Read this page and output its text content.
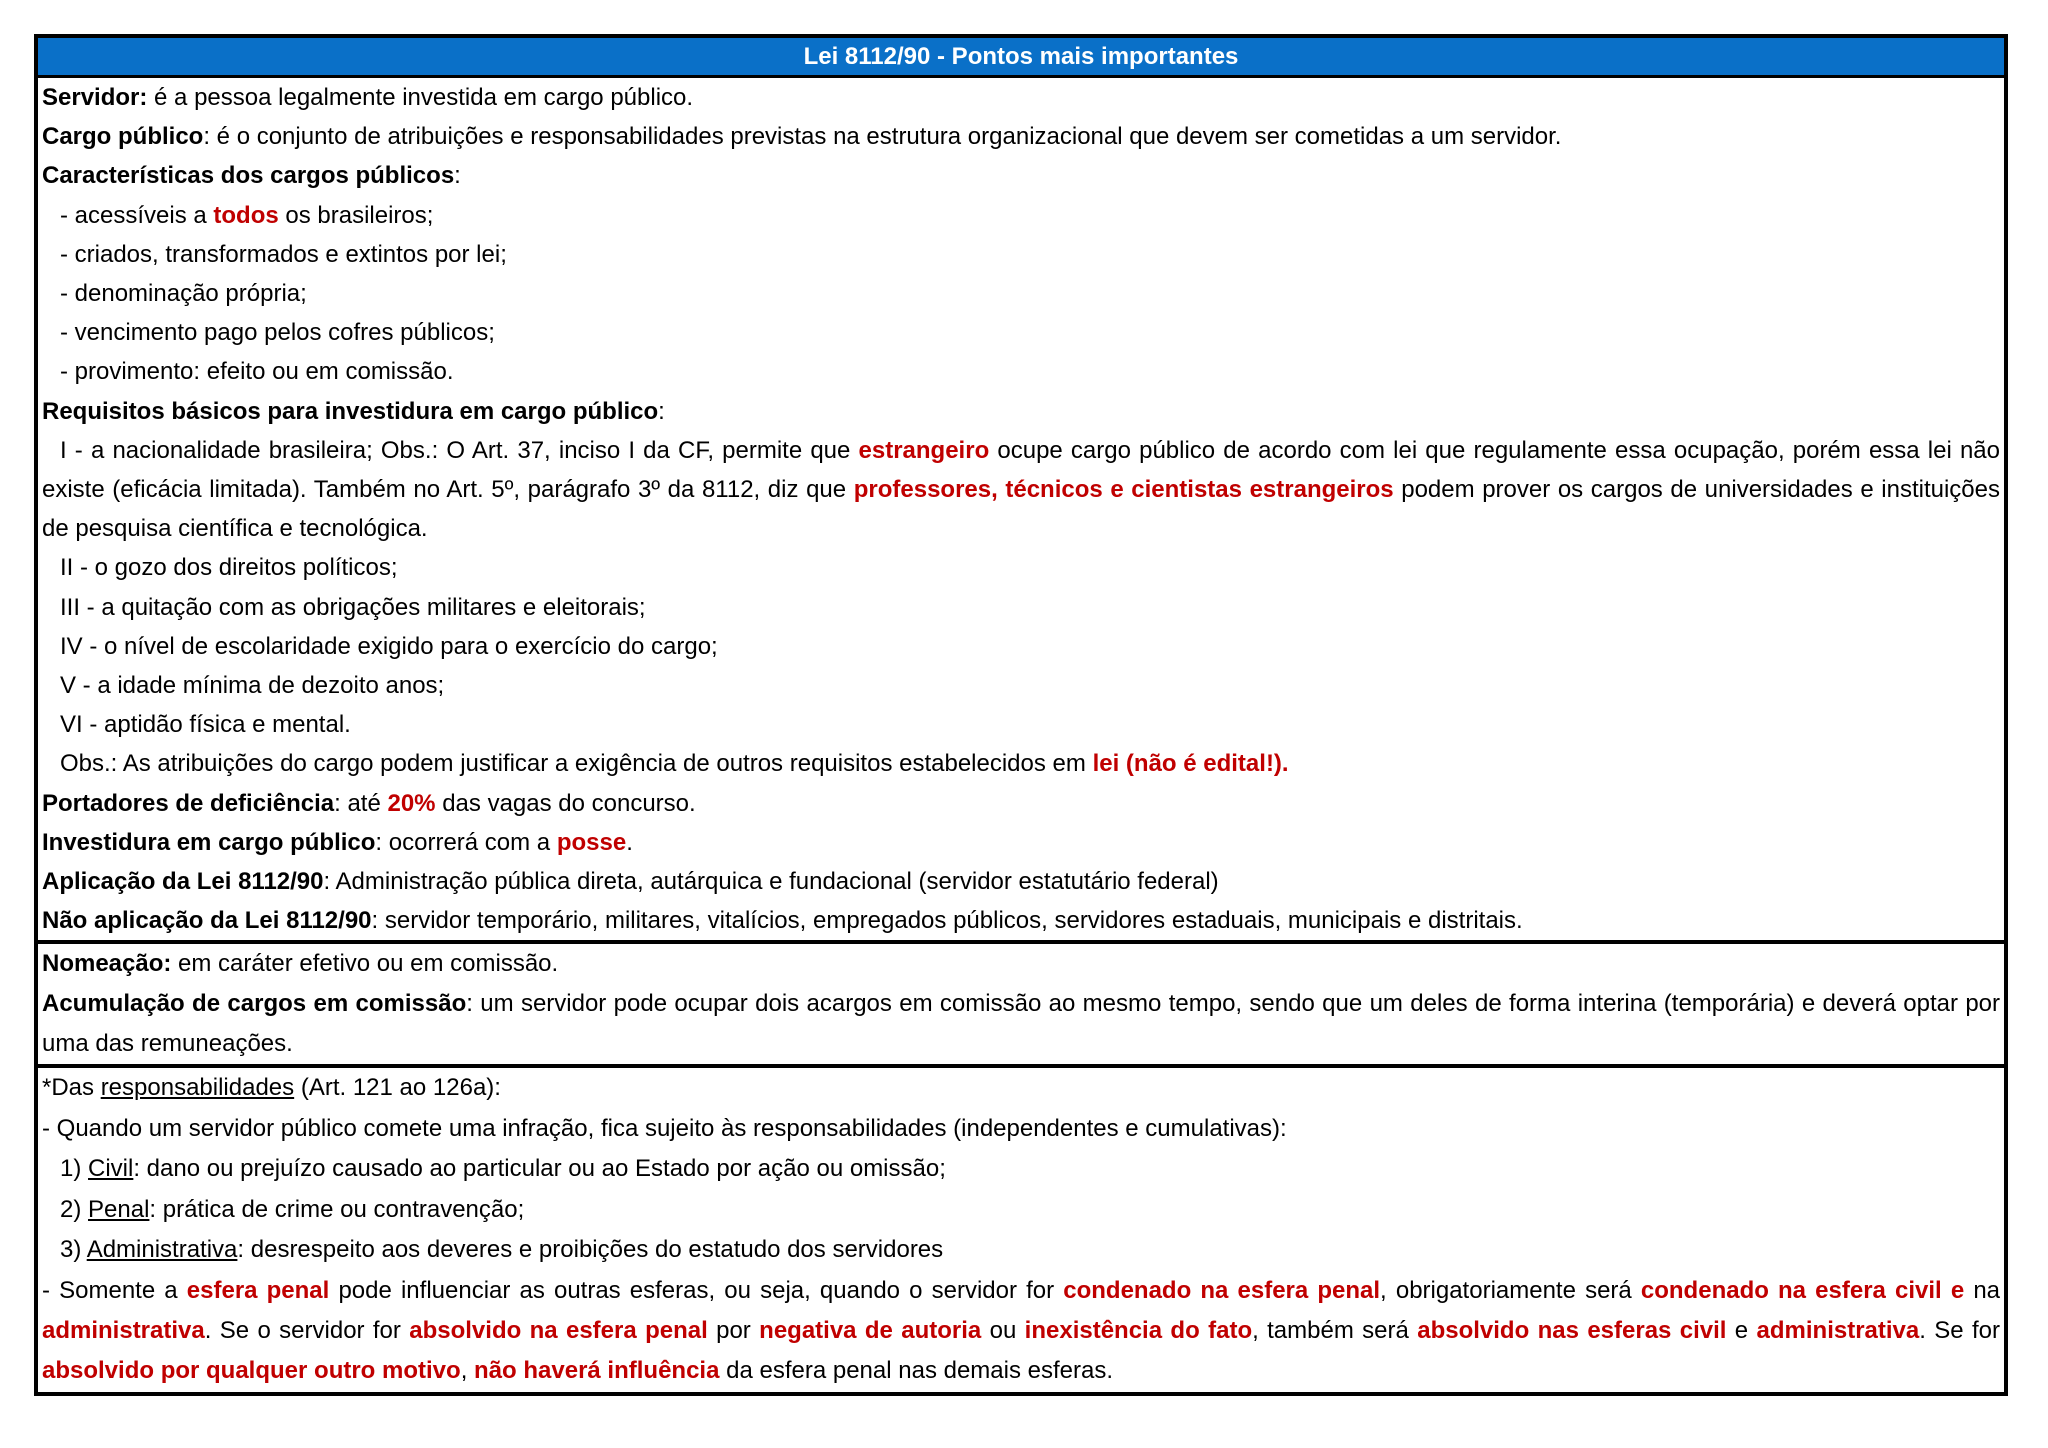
Lei 8112/90 - Pontos mais importantes
Servidor: é a pessoa legalmente investida em cargo público.
Cargo público: é o conjunto de atribuições e responsabilidades previstas na estrutura organizacional que devem ser cometidas a um servidor.
Características dos cargos públicos:
- acessíveis a todos os brasileiros;
- criados, transformados e extintos por lei;
- denominação própria;
- vencimento pago pelos cofres públicos;
- provimento: efeito ou em comissão.
Requisitos básicos para investidura em cargo público:
I - a nacionalidade brasileira; Obs.: O Art. 37, inciso I da CF, permite que estrangeiro ocupe cargo público de acordo com lei que regulamente essa ocupação, porém essa lei não existe (eficácia limitada). Também no Art. 5º, parágrafo 3º da 8112, diz que professores, técnicos e cientistas estrangeiros podem prover os cargos de universidades e instituições de pesquisa científica e tecnológica.
II - o gozo dos direitos políticos;
III - a quitação com as obrigações militares e eleitorais;
IV - o nível de escolaridade exigido para o exercício do cargo;
V - a idade mínima de dezoito anos;
VI - aptidão física e mental.
Obs.: As atribuições do cargo podem justificar a exigência de outros requisitos estabelecidos em lei (não é edital!).
Portadores de deficiência: até 20% das vagas do concurso.
Investidura em cargo público: ocorrerá com a posse.
Aplicação da Lei 8112/90: Administração pública direta, autárquica e fundacional (servidor estatutário federal)
Não aplicação da Lei 8112/90: servidor temporário, militares, vitalícios, empregados públicos, servidores estaduais, municipais e distritais.
Nomeação: em caráter efetivo ou em comissão.
Acumulação de cargos em comissão: um servidor pode ocupar dois acargos em comissão ao mesmo tempo, sendo que um deles de forma interina (temporária) e deverá optar por uma das remuneações.
*Das responsabilidades (Art. 121 ao 126a):
- Quando um servidor público comete uma infração, fica sujeito às responsabilidades (independentes e cumulativas):
1) Civil: dano ou prejuízo causado ao particular ou ao Estado por ação ou omissão;
2) Penal: prática de crime ou contravenção;
3) Administrativa: desrespeito aos deveres e proibições do estatudo dos servidores
- Somente a esfera penal pode influenciar as outras esferas, ou seja, quando o servidor for condenado na esfera penal, obrigatoriamente será condenado na esfera civil e na administrativa. Se o servidor for absolvido na esfera penal por negativa de autoria ou inexistência do fato, também será absolvido nas esferas civil e administrativa. Se for absolvido por qualquer outro motivo, não haverá influência da esfera penal nas demais esferas.
